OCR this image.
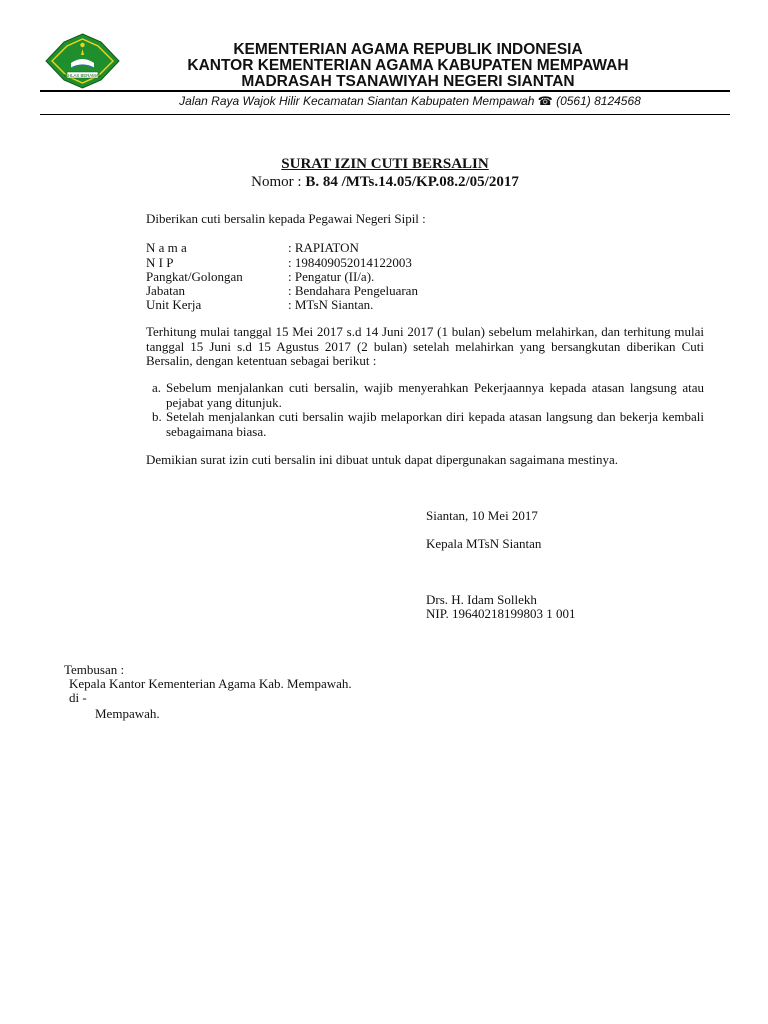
IKHLAS BERAMAL
KEMENTERIAN AGAMA REPUBLIK INDONESIA
KANTOR KEMENTERIAN AGAMA KABUPATEN MEMPAWAH
MADRASAH TSANAWIYAH NEGERI SIANTAN
Jalan Raya Wajok Hilir Kecamatan Siantan Kabupaten Mempawah ☎ (0561) 8124568
SURAT IZIN CUTI BERSALIN
Nomor : B. 84 /MTs.14.05/KP.08.2/05/2017
Diberikan cuti bersalin kepada Pegawai Negeri Sipil :
N a m a	: RAPIATON
N I P	: 198409052014122003
Pangkat/Golongan	: Pengatur (II/a).
Jabatan	: Bendahara Pengeluaran
Unit Kerja	: MTsN Siantan.
Terhitung mulai tanggal 15 Mei 2017 s.d 14 Juni 2017 (1 bulan) sebelum melahirkan, dan terhitung mulai tanggal 15 Juni s.d 15 Agustus 2017 (2 bulan) setelah melahirkan yang bersangkutan diberikan Cuti Bersalin, dengan ketentuan sebagai berikut :
a. Sebelum menjalankan cuti bersalin, wajib menyerahkan Pekerjaannya kepada atasan langsung atau pejabat yang ditunjuk.
b. Setelah menjalankan cuti bersalin wajib melaporkan diri kepada atasan langsung dan bekerja kembali sebagaimana biasa.
Demikian surat izin cuti bersalin ini dibuat untuk dapat dipergunakan sagaimana mestinya.
Siantan, 10 Mei 2017
Kepala MTsN Siantan
Drs. H. Idam Sollekh
NIP. 19640218199803 1 001
Tembusan :
Kepala Kantor Kementerian Agama Kab. Mempawah.
di -
Mempawah.
